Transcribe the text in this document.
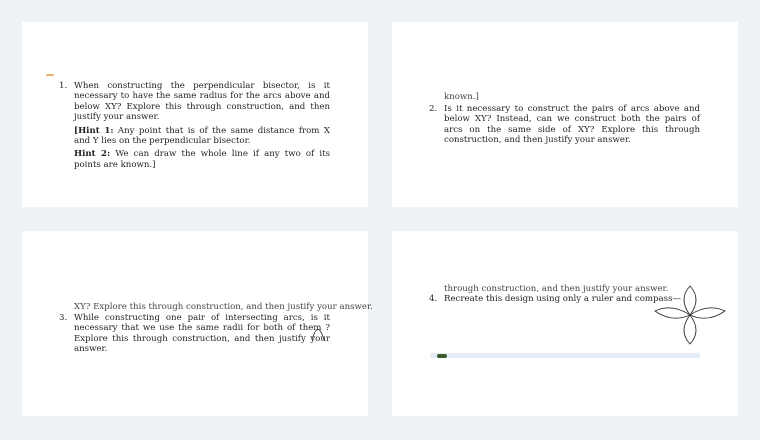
1. When constructing the perpendicular bisector, is it necessary to have the same radius for the arcs above and below XY? Explore this through construction, and then justify your answer.

[Hint 1: Any point that is of the same distance from X and Y lies on the perpendicular bisector.

Hint 2: We can draw the whole line if any two of its points are known.]

known.]
2. Is it necessary to construct the pairs of arcs above and below XY? Instead, can we construct both the pairs of arcs on the same side of XY? Explore this through construction, and then justify your answer.

XY? Explore this through construction, and then justify your answer.
3. While constructing one pair of intersecting arcs, is it necessary that we use the same radii for both of them ? Explore this through construction, and then justify your answer.

through construction, and then justify your answer.
4. Recreate this design using only a ruler and compass—
